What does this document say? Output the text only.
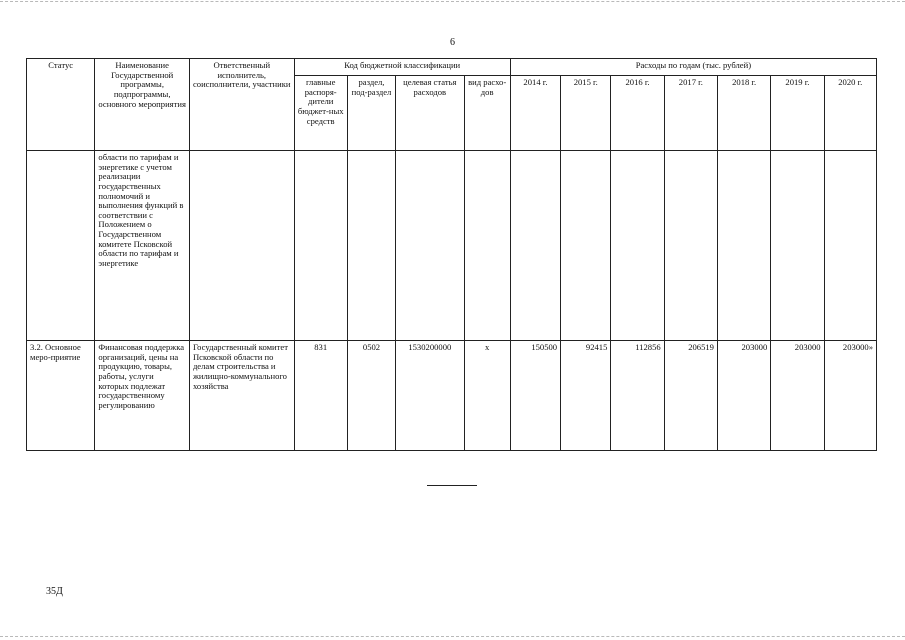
6
Статус	Наименование Государственной программы, подпрограммы, основного мероприятия	Ответственный исполнитель, соисполнители, участники	Код бюджетной классификации				Расходы по годам (тыс. рублей)						
			главные распоря-дители бюджет-ных средств	раздел, под-раздел	целевая статья расходов	вид расхо-дов	2014 г.	2015 г.	2016 г.	2017 г.	2018 г.	2019 г.	2020 г.
	области по тарифам и энергетике с учетом реализации государственных полномочий и выполнения функций в соответствии с Положением о Государственном комитете Псковской области по тарифам и энергетике												
3.2. Основное меро-приятие	Финансовая поддержка организаций, цены на продукцию, товары, работы, услуги которых подлежат государственному регулированию	Государственный комитет Псковской области по делам строительства и жилищно-коммунального хозяйства	831	0502	1530200000	х	150500	92415	112856	206519	203000	203000	203000»
35Д
